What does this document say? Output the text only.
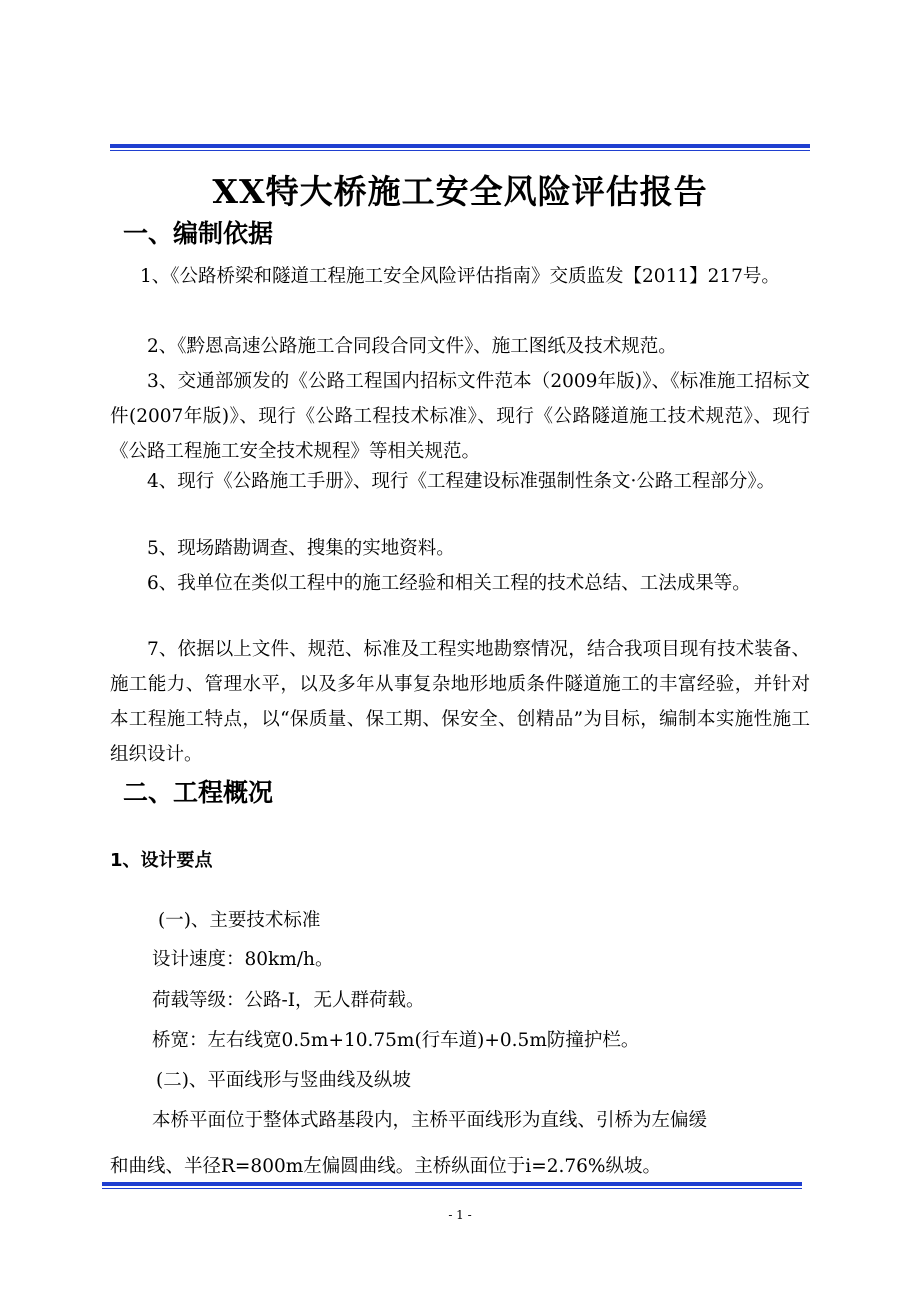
XX特大桥施工安全风险评估报告
一、编制依据
1、《公路桥梁和隧道工程施工安全风险评估指南》交质监发【2011】217号。
2、《黔恩高速公路施工合同段合同文件》、施工图纸及技术规范。
3、交通部颁发的《公路工程国内招标文件范本（2009年版)》、《标准施工招标文件(2007年版)》、现行《公路工程技术标准》、现行《公路隧道施工技术规范》、现行《公路工程施工安全技术规程》等相关规范。
4、现行《公路施工手册》、现行《工程建设标准强制性条文·公路工程部分》。
5、现场踏勘调查、搜集的实地资料。
6、我单位在类似工程中的施工经验和相关工程的技术总结、工法成果等。
7、依据以上文件、规范、标准及工程实地勘察情况，结合我项目现有技术装备、施工能力、管理水平，以及多年从事复杂地形地质条件隧道施工的丰富经验，并针对本工程施工特点，以“保质量、保工期、保安全、创精品”为目标，编制本实施性施工组织设计。
二、工程概况
1、设计要点
(一)、主要技术标准
设计速度：80km/h。
荷载等级：公路-Ⅰ，无人群荷载。
桥宽：左右线宽0.5m+10.75m(行车道)+0.5m防撞护栏。
(二)、平面线形与竖曲线及纵坡
本桥平面位于整体式路基段内，主桥平面线形为直线、引桥为左偏缓
和曲线、半径R=800m左偏圆曲线。主桥纵面位于i=2.76%纵坡。
- 1 -
